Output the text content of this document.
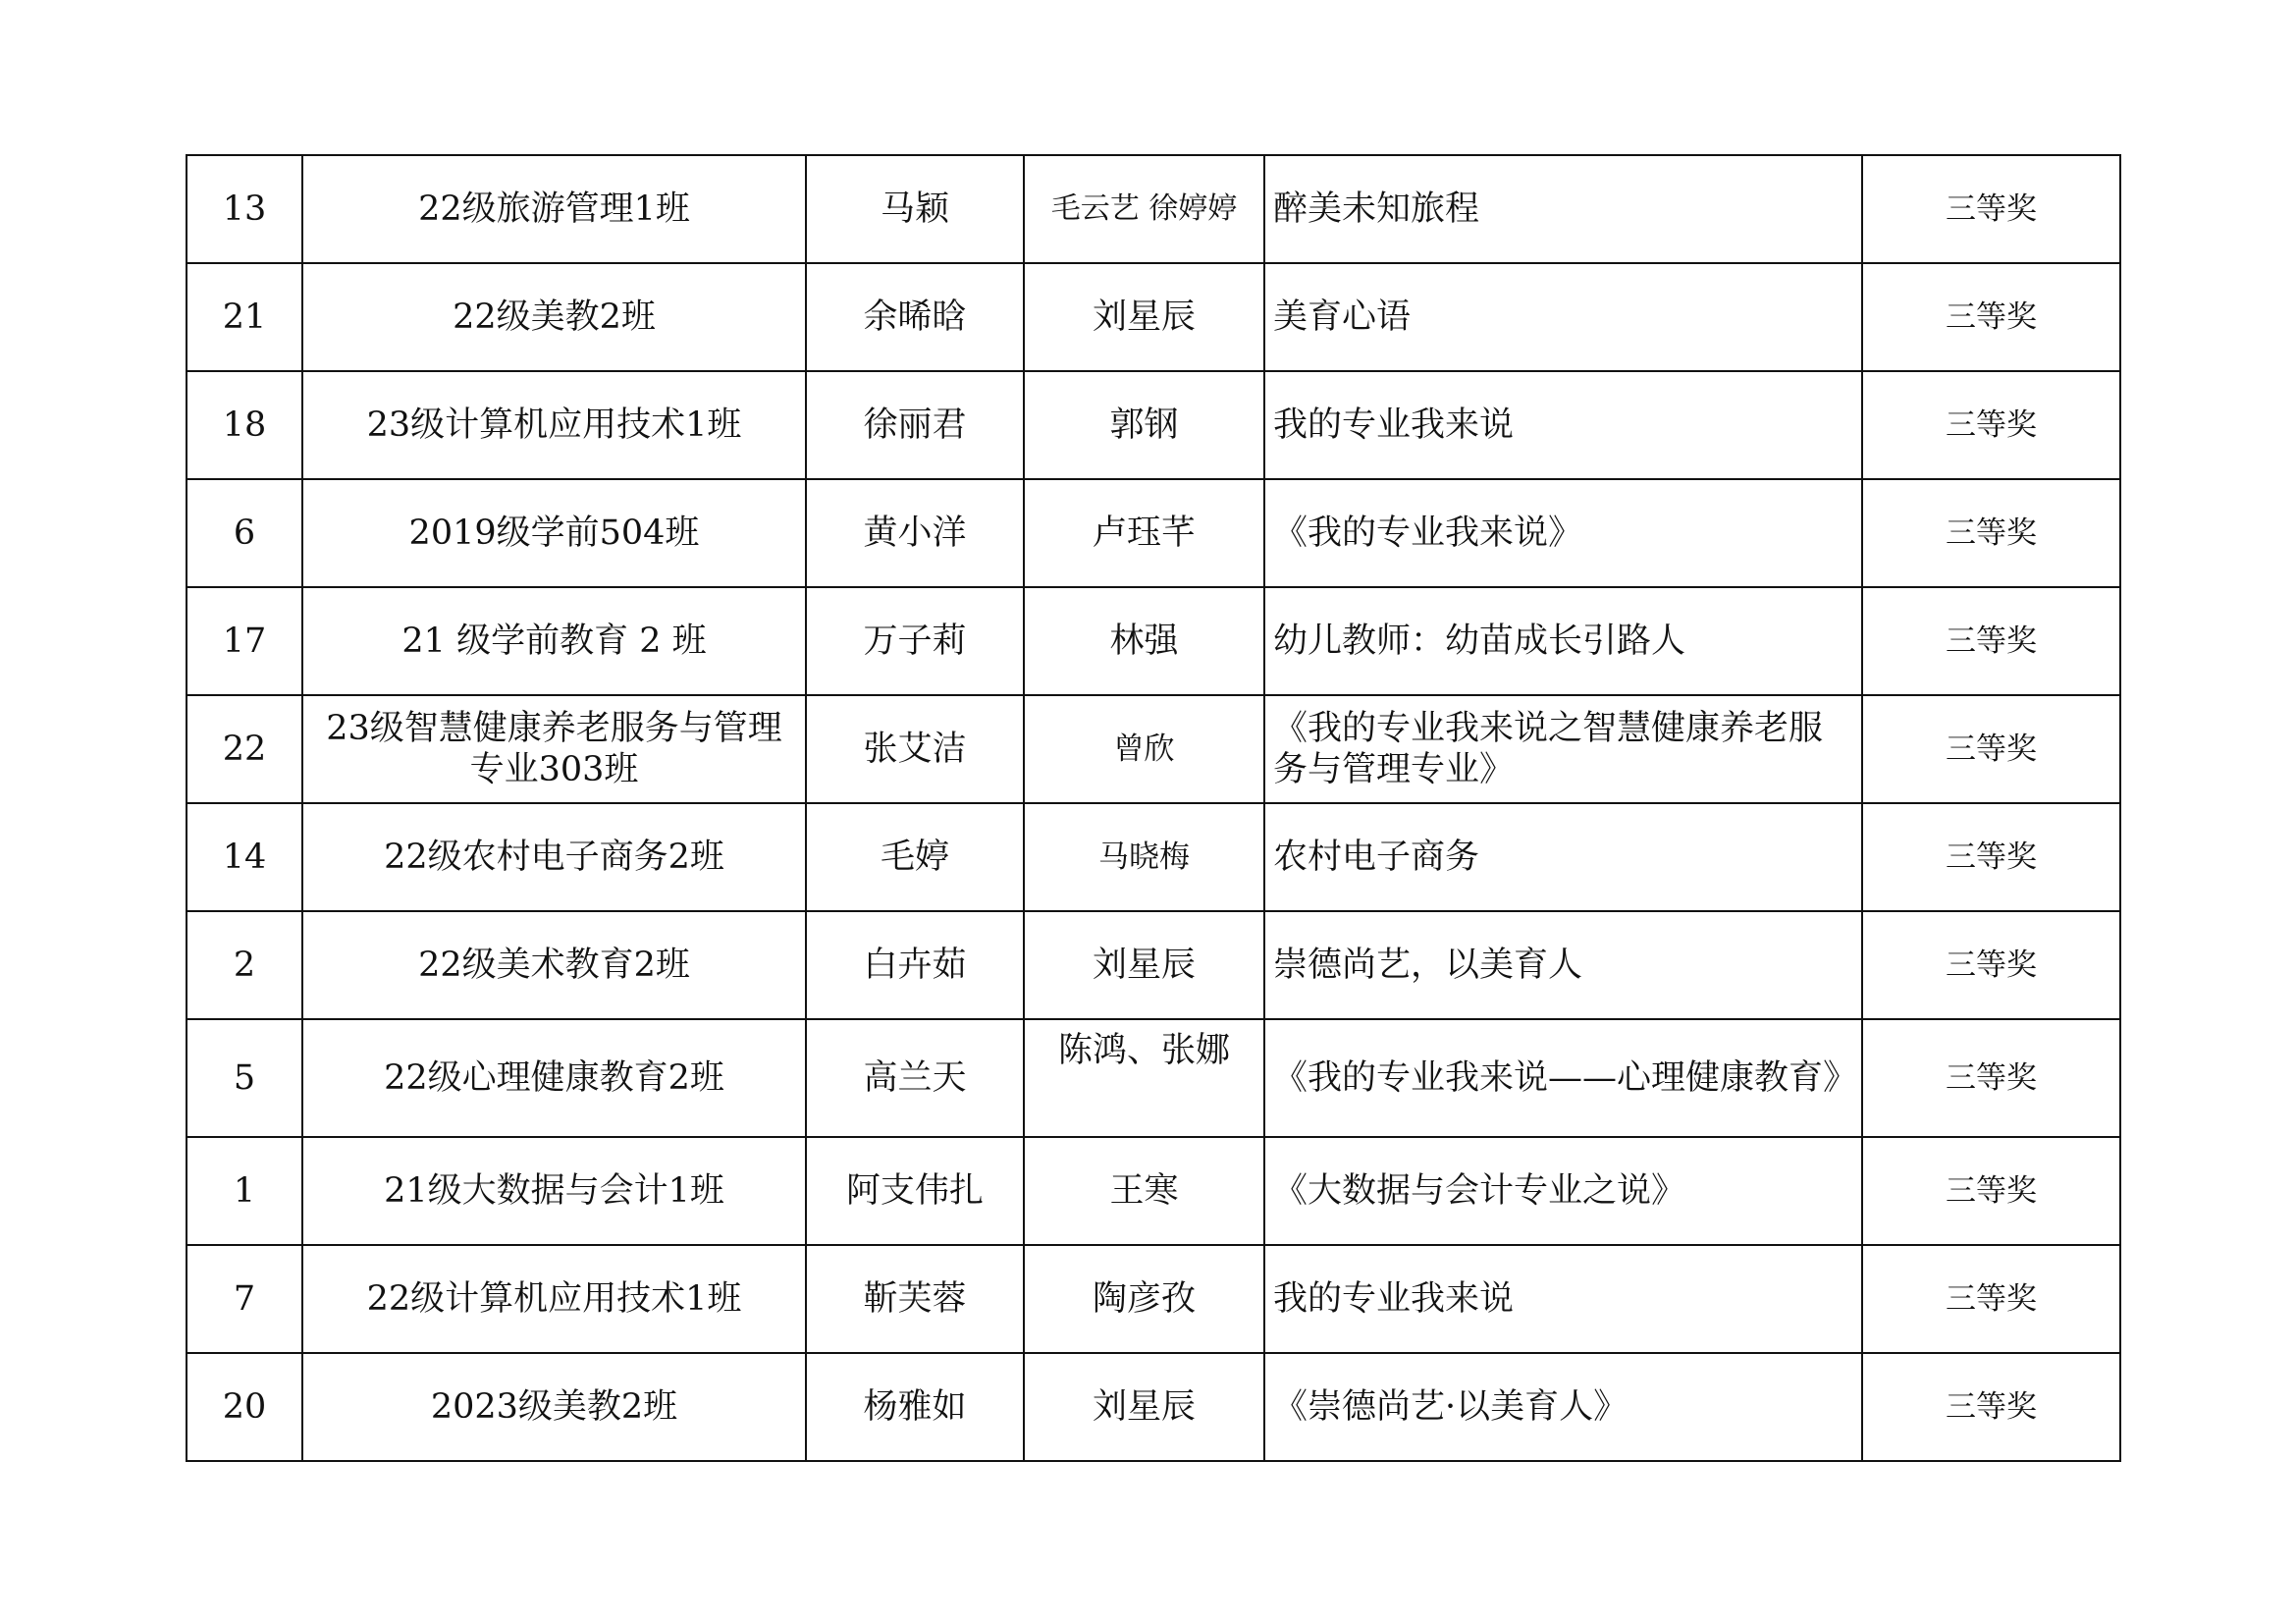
13	22级旅游管理1班	马颖	毛云艺 徐婷婷	醉美未知旅程	三等奖
21	22级美教2班	余晞晗	刘星辰	美育心语	三等奖
18	23级计算机应用技术1班	徐丽君	郭钢	我的专业我来说	三等奖
6	2019级学前504班	黄小洋	卢珏芊	《我的专业我来说》	三等奖
17	21 级学前教育 2 班	万子莉	林强	幼儿教师：幼苗成长引路人	三等奖
22	23级智慧健康养老服务与管理专业303班	张艾洁	曾欣	《我的专业我来说之智慧健康养老服务与管理专业》	三等奖
14	22级农村电子商务2班	毛婷	马晓梅	农村电子商务	三等奖
2	22级美术教育2班	白卉茹	刘星辰	崇德尚艺，以美育人	三等奖
5	22级心理健康教育2班	高兰天	陈鸿、张娜	《我的专业我来说——心理健康教育》	三等奖
1	21级大数据与会计1班	阿支伟扎	王寒	《大数据与会计专业之说》	三等奖
7	22级计算机应用技术1班	靳芙蓉	陶彦孜	我的专业我来说	三等奖
20	2023级美教2班	杨雅如	刘星辰	《崇德尚艺·以美育人》	三等奖
